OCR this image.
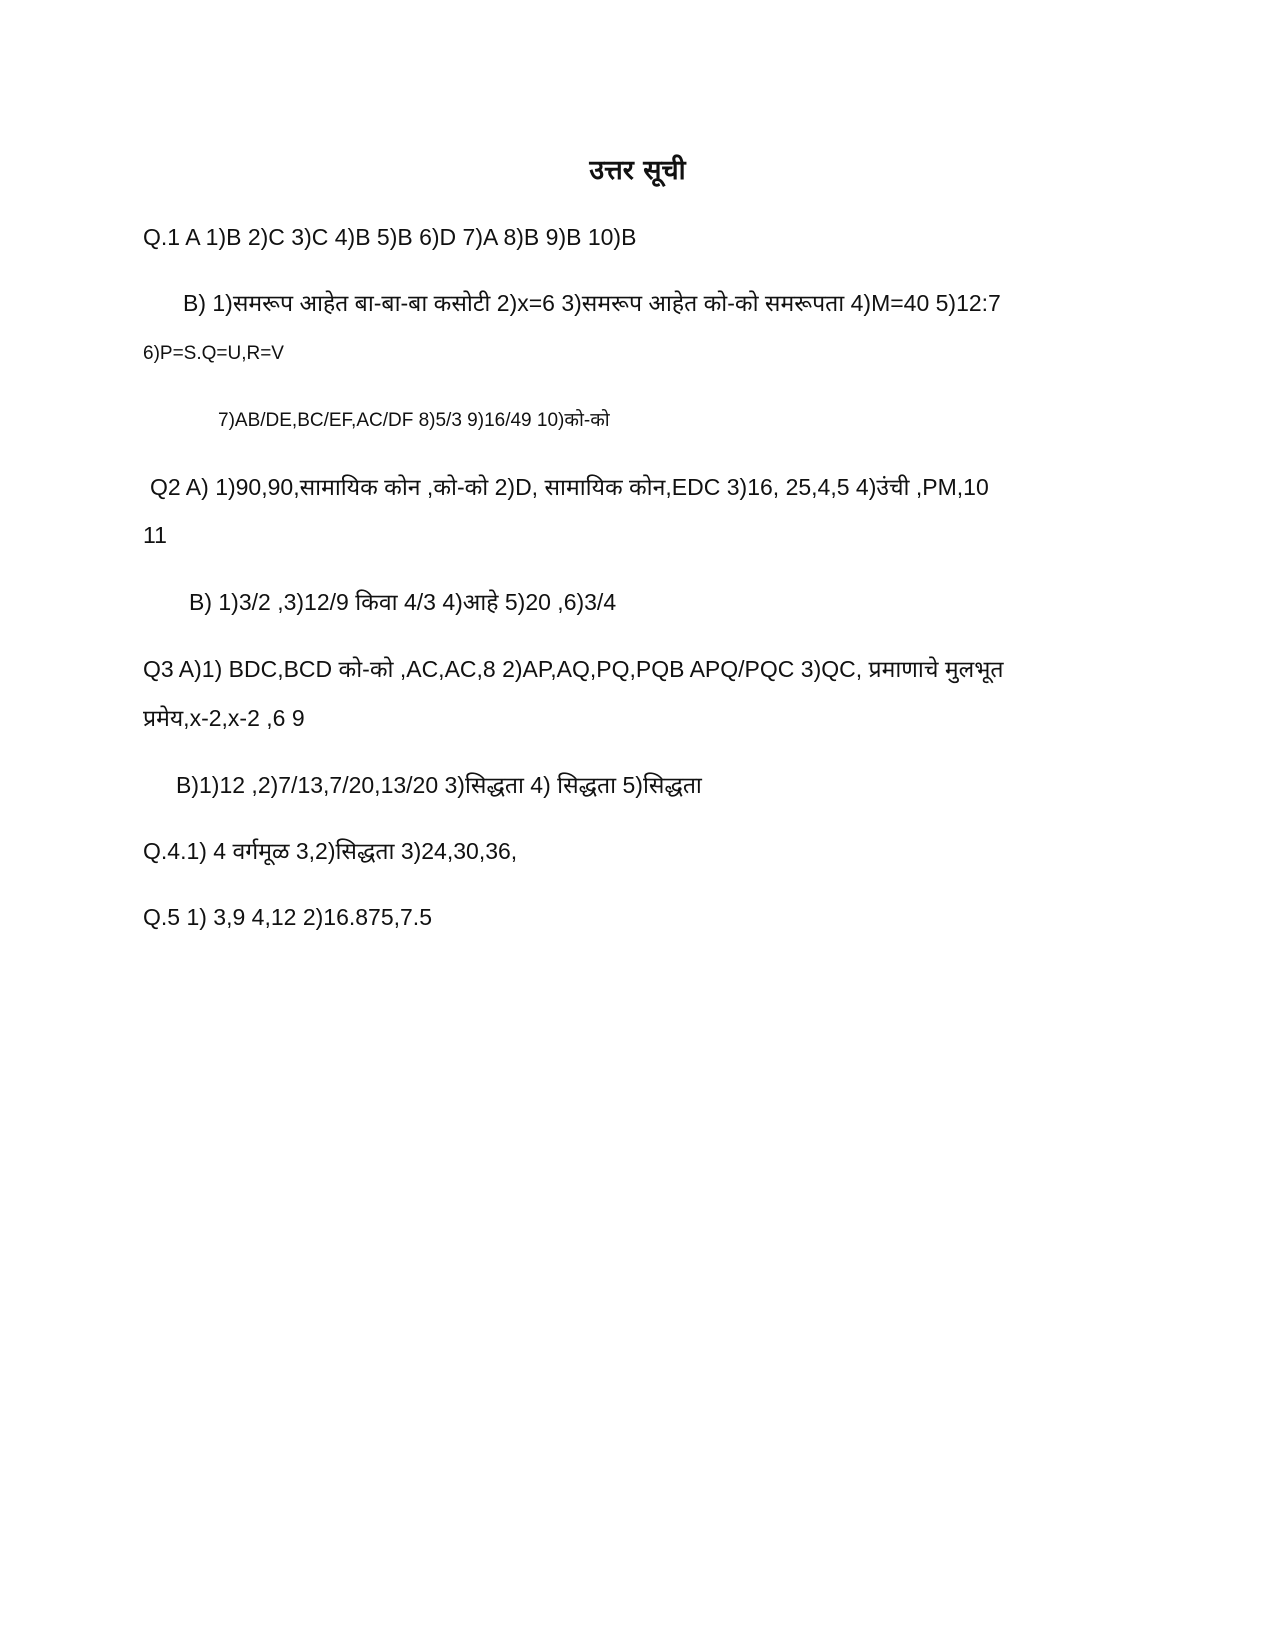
उत्तर सूची
Q.1 A 1)B 2)C 3)C 4)B 5)B 6)D 7)A 8)B 9)B 10)B
B) 1)समरूप आहेत बा-बा-बा कसोटी 2)x=6 3)समरूप आहेत को-को समरूपता 4)M=40 5)12:7
6)P=S.Q=U,R=V
7)AB/DE,BC/EF,AC/DF 8)5/3 9)16/49 10)को-को
Q2 A) 1)90,90,सामायिक कोन ,को-को 2)D, सामायिक कोन,EDC 3)16, 25,4,5 4)उंची ,PM,10
11
B) 1)3/2 ,3)12/9 किवा 4/3 4)आहे 5)20 ,6)3/4
Q3 A)1) BDC,BCD को-को ,AC,AC,8 2)AP,AQ,PQ,PQB APQ/PQC 3)QC, प्रमाणाचे मुलभूत
प्रमेय,x-2,x-2 ,6 9
B)1)12 ,2)7/13,7/20,13/20 3)सिद्धता 4) सिद्धता 5)सिद्धता
Q.4.1) 4 वर्गमूळ 3,2)सिद्धता 3)24,30,36,
Q.5 1) 3,9 4,12 2)16.875,7.5
